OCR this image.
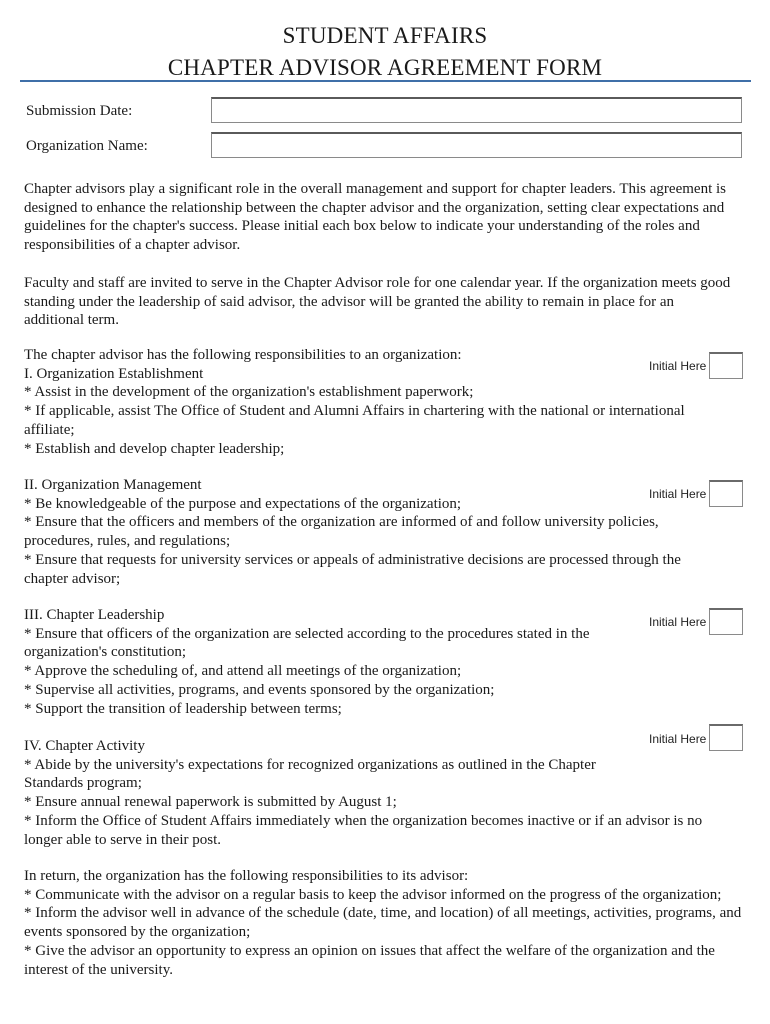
STUDENT AFFAIRS
CHAPTER ADVISOR AGREEMENT FORM
Submission Date:
Organization Name:
Chapter advisors play a significant role in the overall management and support for chapter leaders. This agreement is
designed to enhance the relationship between the chapter advisor and the organization, setting clear expectations and
guidelines for the chapter's success. Please initial each box below to indicate your understanding of the roles and
responsibilities of a chapter advisor.
Faculty and staff are invited to serve in the Chapter Advisor role for one calendar year. If the organization meets good
standing under the leadership of said advisor, the advisor will be granted the ability to remain in place for an
additional term.
The chapter advisor has the following responsibilities to an organization:
I. Organization Establishment
* Assist in the development of the organization's establishment paperwork;
* If applicable, assist The Office of Student and Alumni Affairs in chartering with the national or international
affiliate;
* Establish and develop chapter leadership;
Initial Here
II. Organization Management
* Be knowledgeable of the purpose and expectations of the organization;
* Ensure that the officers and members of the organization are informed of and follow university policies,
procedures, rules, and regulations;
* Ensure that requests for university services or appeals of administrative decisions are processed through the
chapter advisor;
Initial Here
III. Chapter Leadership
* Ensure that officers of the organization are selected according to the procedures stated in the
organization's constitution;
* Approve the scheduling of, and attend all meetings of the organization;
* Supervise all activities, programs, and events sponsored by the organization;
* Support the transition of leadership between terms;
Initial Here
IV. Chapter Activity
* Abide by the university's expectations for recognized organizations as outlined in the Chapter
Standards program;
* Ensure annual renewal paperwork is submitted by August 1;
* Inform the Office of Student Affairs immediately when the organization becomes inactive or if an advisor is no
longer able to serve in their post.
Initial Here
In return, the organization has the following responsibilities to its advisor:
* Communicate with the advisor on a regular basis to keep the advisor informed on the progress of the organization;
* Inform the advisor well in advance of the schedule (date, time, and location) of all meetings, activities, programs, and
events sponsored by the organization;
* Give the advisor an opportunity to express an opinion on issues that affect the welfare of the organization and the
interest of the university.
